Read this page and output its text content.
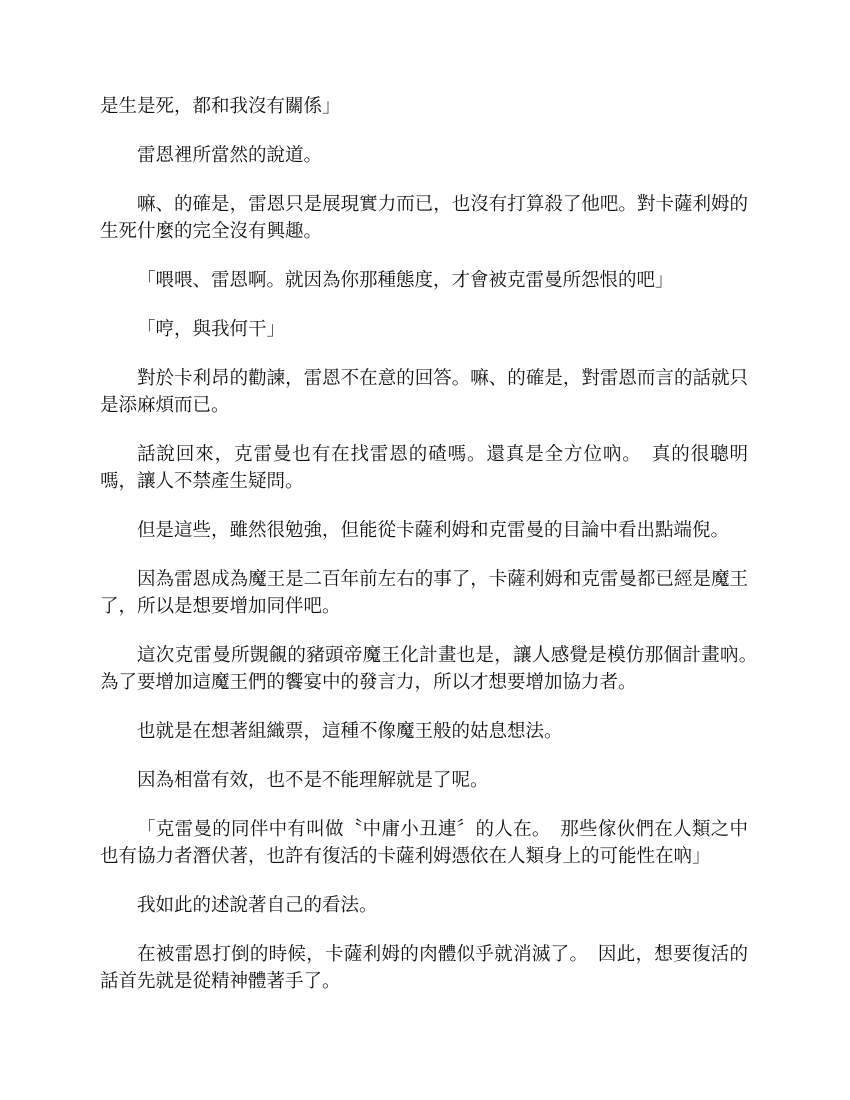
是生是死，都和我沒有關係」

雷恩裡所當然的說道。

嘛、的確是，雷恩只是展現實力而已，也沒有打算殺了他吧。對卡薩利姆的生死什麼的完全沒有興趣。

「喂喂、雷恩啊。就因為你那種態度，才會被克雷曼所怨恨的吧」

「哼，與我何干」

對於卡利昂的勸諫，雷恩不在意的回答。嘛、的確是，對雷恩而言的話就只是添麻煩而已。

話說回來，克雷曼也有在找雷恩的碴嗎。還真是全方位吶。　真的很聰明嗎，讓人不禁產生疑問。

但是這些，雖然很勉強，但能從卡薩利姆和克雷曼的目論中看出點端倪。

因為雷恩成為魔王是二百年前左右的事了，卡薩利姆和克雷曼都已經是魔王了，所以是想要增加同伴吧。

這次克雷曼所覬覦的豬頭帝魔王化計畫也是，讓人感覺是模仿那個計畫吶。　為了要增加這魔王們的饗宴中的發言力，所以才想要增加協力者。

也就是在想著組織票，這種不像魔王般的姑息想法。

因為相當有效，也不是不能理解就是了呢。

「克雷曼的同伴中有叫做〝中庸小丑連〞的人在。　那些傢伙們在人類之中也有協力者潛伏著，也許有復活的卡薩利姆憑依在人類身上的可能性在吶」

我如此的述說著自己的看法。

在被雷恩打倒的時候，卡薩利姆的肉體似乎就消滅了。　因此，想要復活的話首先就是從精神體著手了。
